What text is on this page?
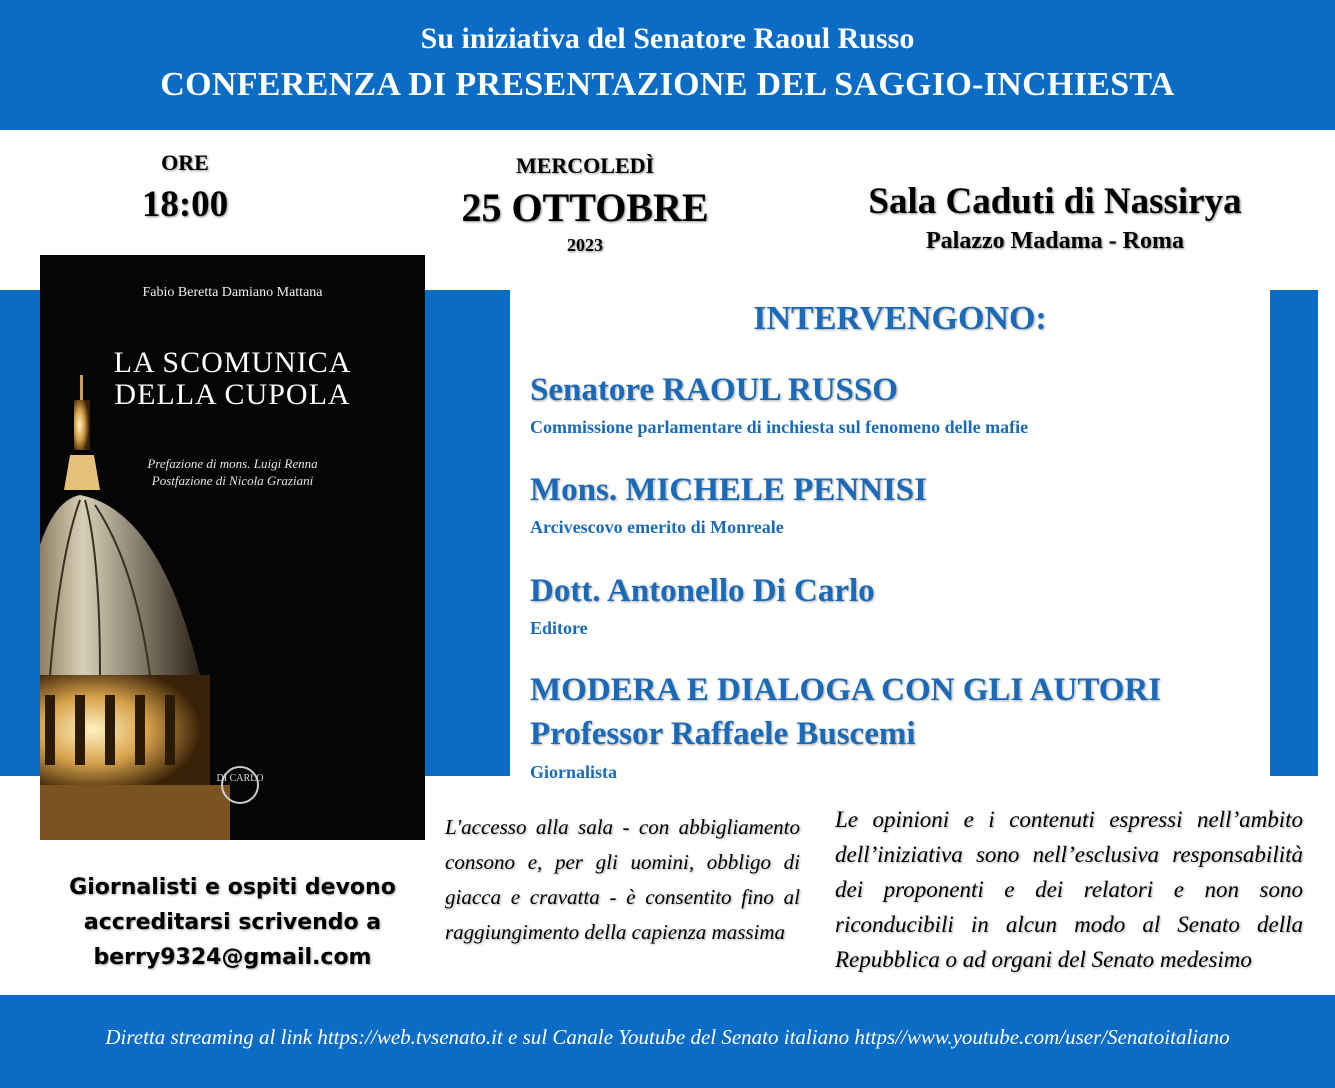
Su iniziativa del Senatore Raoul Russo
CONFERENZA DI PRESENTAZIONE DEL SAGGIO-INCHIESTA
ORE
18:00
MERCOLEDÌ
25 OTTOBRE
2023
Sala Caduti di Nassirya
Palazzo Madama - Roma
Fabio Beretta Damiano Mattana
LA SCOMUNICA
DELLA CUPOLA
Prefazione di mons. Luigi Renna
Postfazione di Nicola Graziani
DI CARLO
INTERVENGONO:
Senatore RAOUL RUSSO
Commissione parlamentare di inchiesta sul fenomeno delle mafie
Mons. MICHELE PENNISI
Arcivescovo emerito di Monreale
Dott. Antonello Di Carlo
Editore
MODERA E DIALOGA CON GLI AUTORI
Professor Raffaele Buscemi
Giornalista
Giornalisti e ospiti devono accreditarsi scrivendo a berry9324@gmail.com
L'accesso alla sala - con abbigliamento consono e, per gli uomini, obbligo di giacca e cravatta - è consentito fino al raggiungimento della capienza massima
Le opinioni e i contenuti espressi nell’ambito dell’iniziativa sono nell’esclusiva responsabilità dei proponenti e dei relatori e non sono riconducibili in alcun modo al Senato della Repubblica o ad organi del Senato medesimo
Diretta streaming al link https://web.tvsenato.it e sul Canale Youtube del Senato italiano https//www.youtube.com/user/Senatoitaliano
